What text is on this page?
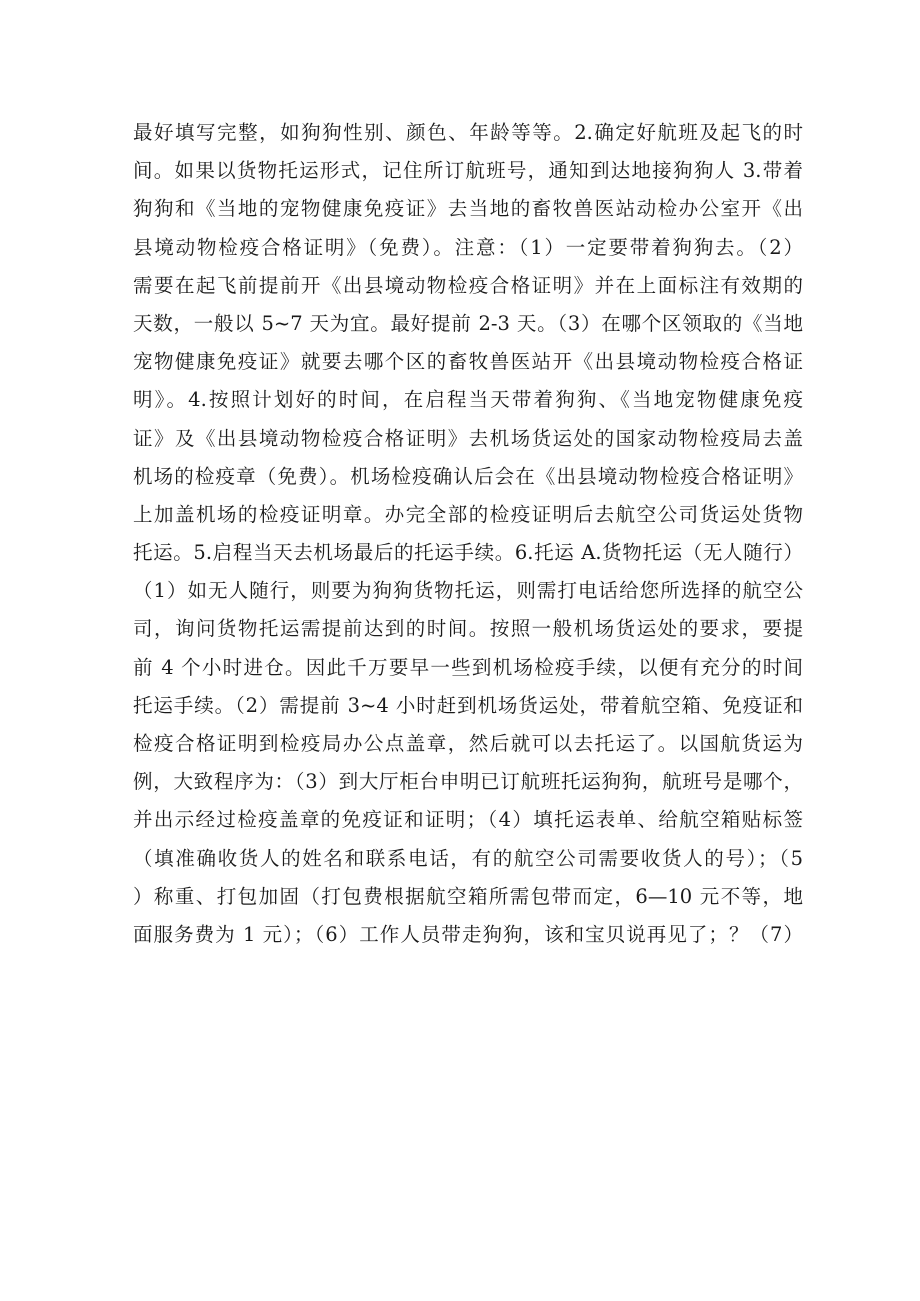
最好填写完整，如狗狗性别、颜色、年龄等等。2.确定好航班及起飞的时
间。如果以货物托运形式，记住所订航班号，通知到达地接狗狗人 3.带着
狗狗和《当地的宠物健康免疫证》去当地的畜牧兽医站动检办公室开《出
县境动物检疫合格证明》（免费）。注意：（1）一定要带着狗狗去。（2）
需要在起飞前提前开《出县境动物检疫合格证明》并在上面标注有效期的
天数，一般以 5~7 天为宜。最好提前 2-3 天。（3）在哪个区领取的《当地
宠物健康免疫证》就要去哪个区的畜牧兽医站开《出县境动物检疫合格证
明》。4.按照计划好的时间，在启程当天带着狗狗、《当地宠物健康免疫
证》及《出县境动物检疫合格证明》去机场货运处的国家动物检疫局去盖
机场的检疫章（免费）。机场检疫确认后会在《出县境动物检疫合格证明》
上加盖机场的检疫证明章。办完全部的检疫证明后去航空公司货运处货物
托运。5.启程当天去机场最后的托运手续。6.托运 A.货物托运（无人随行）
（1）如无人随行，则要为狗狗货物托运，则需打电话给您所选择的航空公
司，询问货物托运需提前达到的时间。按照一般机场货运处的要求，要提
前 4 个小时进仓。因此千万要早一些到机场检疫手续，以便有充分的时间
托运手续。（2）需提前 3~4 小时赶到机场货运处，带着航空箱、免疫证和
检疫合格证明到检疫局办公点盖章，然后就可以去托运了。以国航货运为
例，大致程序为：（3）到大厅柜台申明已订航班托运狗狗，航班号是哪个，
并出示经过检疫盖章的免疫证和证明；（4）填托运表单、给航空箱贴标签
（填准确收货人的姓名和联系电话，有的航空公司需要收货人的号）；（5
）称重、打包加固（打包费根据航空箱所需包带而定，6—10 元不等，地
面服务费为 1 元）；（6）工作人员带走狗狗，该和宝贝说再见了；？（7）
